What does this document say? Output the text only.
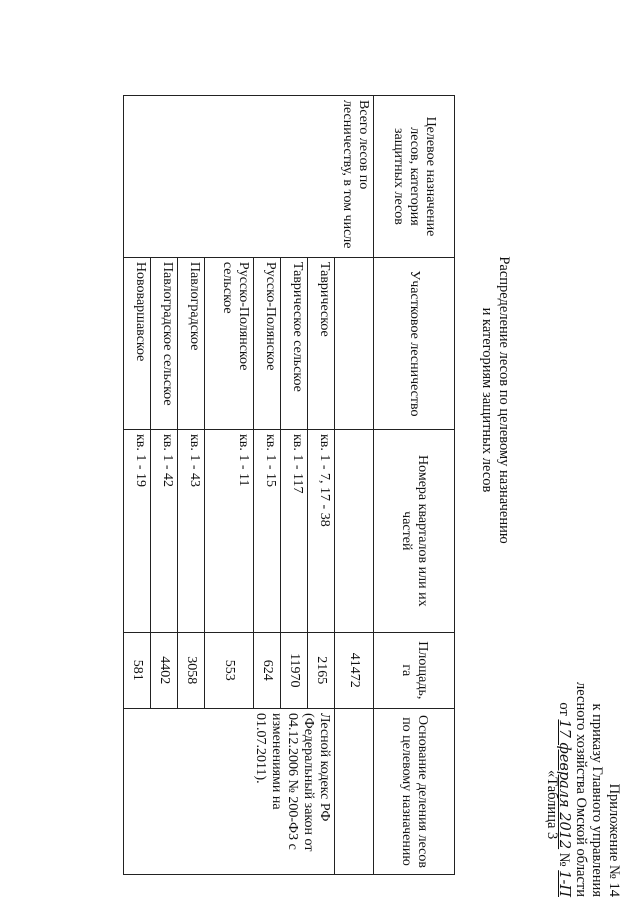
Приложение № 14
к приказу Главного управления
лесного хозяйства Омской области
от 17 февраля 2012 № 1-П
«Таблица 3
Распределение лесов по целевому назначению
и категориям защитных лесов
Целевое назначение лесов, категория защитных лесов	Участковое лесничество	Номера кварталов или их частей	Площадь, га	Основание деления лесов по целевому назначению
Всего лесов по лесничеству, в том числе			41472	
	Таврическое	кв. 1 - 7, 17 - 38	2165	Лесной кодекс РФ (Федеральный закон от 04.12.2006 № 200-ФЗ с изменениями на 01.07.2011).
	Таврическое сельское	кв. 1 - 117	11970	
	Русско-Полянское	кв. 1 - 15	624	
	Русско-Полянское сельское	кв. 1 - 11	553	
	Павлоградское	кв. 1 - 43	3058	
	Павлоградское сельское	кв. 1 - 42	4402	
	Нововаршавское	кв. 1 - 19	581	
